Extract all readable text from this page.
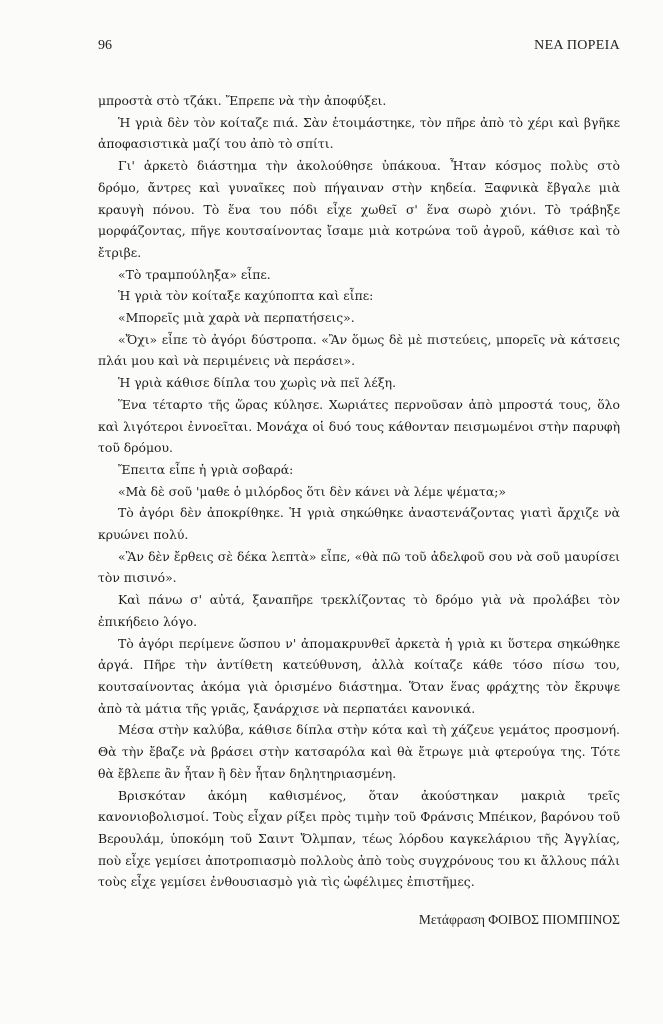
96	ΝΕΑ ΠΟΡΕΙΑ

μπροστὰ στὸ τζάκι. Ἔπρεπε νὰ τὴν ἀποφύξει.

Ἡ γριὰ δὲν τὸν κοίταζε πιά. Σὰν ἑτοιμάστηκε, τὸν πῆρε ἀπὸ τὸ χέρι καὶ βγῆκε ἀποφασιστικὰ μαζί του ἀπὸ τὸ σπίτι.

Γι' ἀρκετὸ διάστημα τὴν ἀκολούθησε ὑπάκουα. Ἦταν κόσμος πολὺς στὸ δρόμο, ἄντρες καὶ γυναῖκες ποὺ πήγαιναν στὴν κηδεία. Ξαφνικὰ ἔβγαλε μιὰ κραυγὴ πόνου. Τὸ ἕνα του πόδι εἶχε χωθεῖ σ' ἕνα σωρὸ χιόνι. Τὸ τράβηξε μορφάζοντας, πῆγε κουτσαίνοντας ἴσαμε μιὰ κοτρώνα τοῦ ἀγροῦ, κάθισε καὶ τὸ ἔτριβε.

«Τὸ τραμπούληξα» εἶπε.

Ἡ γριὰ τὸν κοίταξε καχύποπτα καὶ εἶπε:

«Μπορεῖς μιὰ χαρὰ νὰ περπατήσεις».

«Ὄχι» εἶπε τὸ ἀγόρι δύστροπα. «Ἂν ὅμως δὲ μὲ πιστεύεις, μπορεῖς νὰ κάτσεις πλάι μου καὶ νὰ περιμένεις νὰ περάσει».

Ἡ γριὰ κάθισε δίπλα του χωρὶς νὰ πεῖ λέξη.

Ἕνα τέταρτο τῆς ὥρας κύλησε. Χωριάτες περνοῦσαν ἀπὸ μπροστά τους, ὅλο καὶ λιγότεροι ἐννοεῖται. Μονάχα οἱ δυό τους κάθονταν πεισμωμένοι στὴν παρυφὴ τοῦ δρόμου.

Ἔπειτα εἶπε ἡ γριὰ σοβαρά:

«Μὰ δὲ σοῦ 'μαθε ὁ μιλόρδος ὅτι δὲν κάνει νὰ λέμε ψέματα;»

Τὸ ἀγόρι δὲν ἀποκρίθηκε. Ἡ γριὰ σηκώθηκε ἀναστενάζοντας γιατὶ ἄρχιζε νὰ κρυώνει πολύ.

«Ἂν δὲν ἔρθεις σὲ δέκα λεπτὰ» εἶπε, «θὰ πῶ τοῦ ἀδελφοῦ σου νὰ σοῦ μαυρίσει τὸν πισινό».

Καὶ πάνω σ' αὐτά, ξαναπῆρε τρεκλίζοντας τὸ δρόμο γιὰ νὰ προλάβει τὸν ἐπικήδειο λόγο.

Τὸ ἀγόρι περίμενε ὥσπου ν' ἀπομακρυνθεῖ ἀρκετὰ ἡ γριὰ κι ὕστερα σηκώθηκε ἀργά. Πῆρε τὴν ἀντίθετη κατεύθυνση, ἀλλὰ κοίταζε κάθε τόσο πίσω του, κουτσαίνοντας ἀκόμα γιὰ ὁρισμένο διάστημα. Ὅταν ἕνας φράχτης τὸν ἔκρυψε ἀπὸ τὰ μάτια τῆς γριᾶς, ξανάρχισε νὰ περπατάει κανονικά.

Μέσα στὴν καλύβα, κάθισε δίπλα στὴν κότα καὶ τὴ χάζευε γεμάτος προσμονή. Θὰ τὴν ἔβαζε νὰ βράσει στὴν κατσαρόλα καὶ θὰ ἔτρωγε μιὰ φτερούγα της. Τότε θὰ ἔβλεπε ἂν ἦταν ἢ δὲν ἦταν δηλητηριασμένη.

Βρισκόταν ἀκόμη καθισμένος, ὅταν ἀκούστηκαν μακριὰ τρεῖς κανονιοβολισμοί. Τοὺς εἶχαν ρίξει πρὸς τιμὴν τοῦ Φράνσις Μπέικον, βαρόνου τοῦ Βερουλάμ, ὑποκόμη τοῦ Σαιντ Ὄλμπαν, τέως λόρδου καγκελάριου τῆς Ἀγγλίας, ποὺ εἶχε γεμίσει ἀποτροπιασμὸ πολλοὺς ἀπὸ τοὺς συγχρόνους του κι ἄλλους πάλι τοὺς εἶχε γεμίσει ἐνθουσιασμὸ γιὰ τὶς ὠφέλιμες ἐπιστῆμες.

Μετάφραση ΦΟΙΒΟΣ ΠΙΟΜΠΙΝΟΣ
